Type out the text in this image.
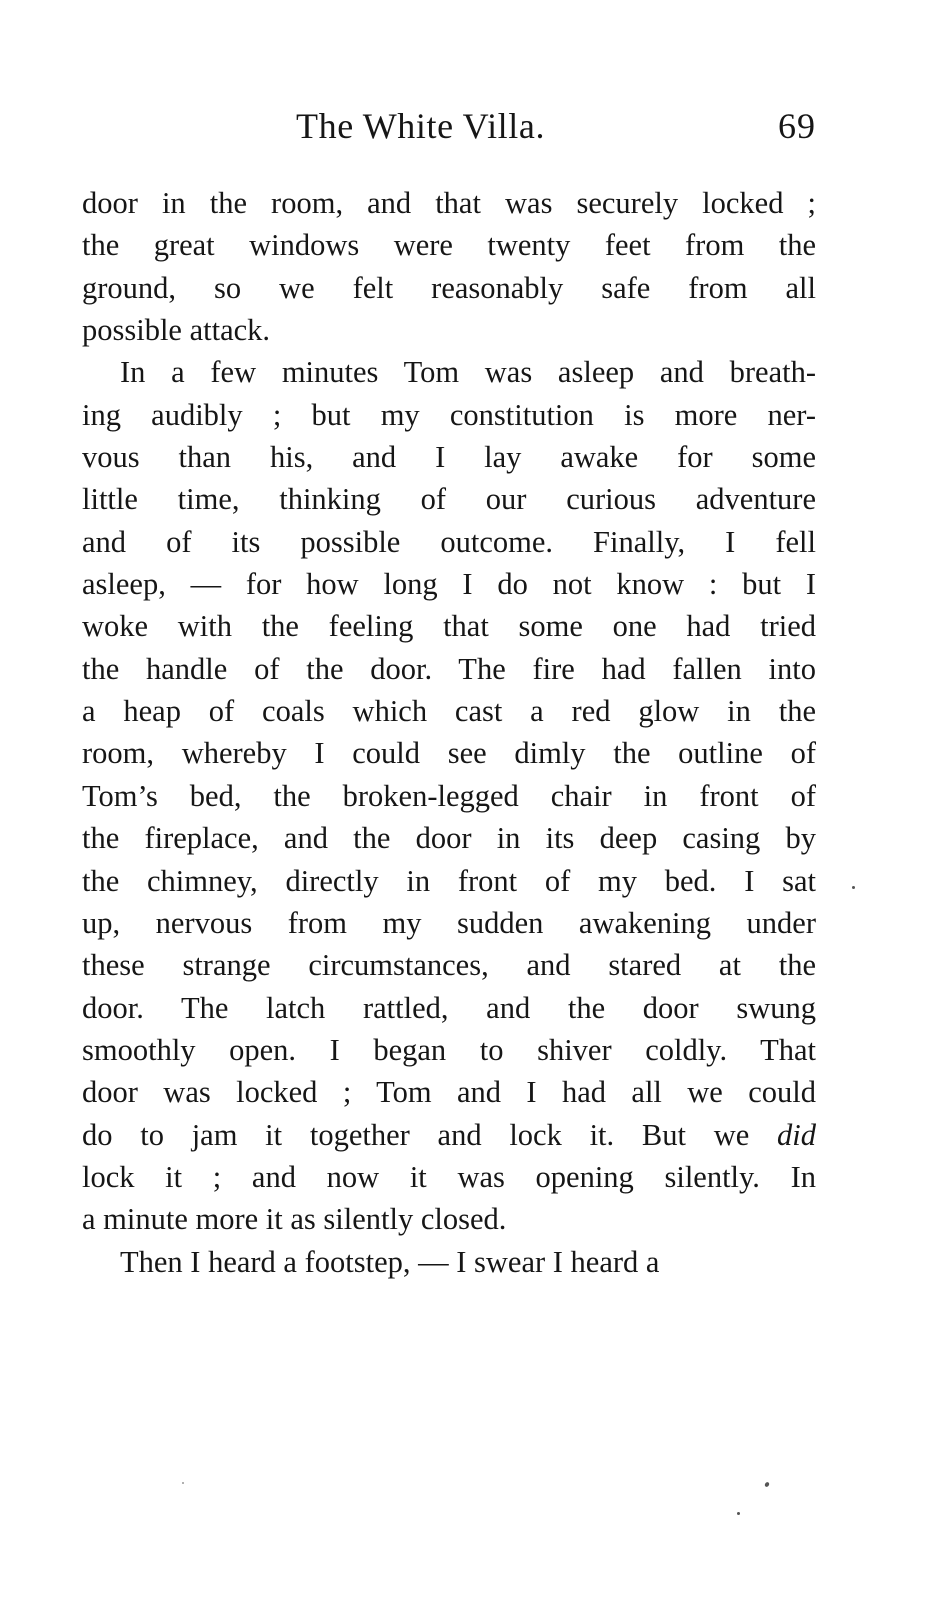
The White Villa.	69
door in the room, and that was securely locked ;
the great windows were twenty feet from the
ground, so we felt reasonably safe from all
possible attack.
In a few minutes Tom was asleep and breath-
ing audibly ; but my constitution is more ner-
vous than his, and I lay awake for some
little time, thinking of our curious adventure
and of its possible outcome. Finally, I fell
asleep, — for how long I do not know : but I
woke with the feeling that some one had tried
the handle of the door. The fire had fallen into
a heap of coals which cast a red glow in the
room, whereby I could see dimly the outline of
Tom’s bed, the broken-legged chair in front of
the fireplace, and the door in its deep casing by
the chimney, directly in front of my bed. I sat
up, nervous from my sudden awakening under
these strange circumstances, and stared at the
door. The latch rattled, and the door swung
smoothly open. I began to shiver coldly. That
door was locked ; Tom and I had all we could
do to jam it together and lock it. But we did
lock it ; and now it was opening silently. In
a minute more it as silently closed.
Then I heard a footstep, — I swear I heard a
